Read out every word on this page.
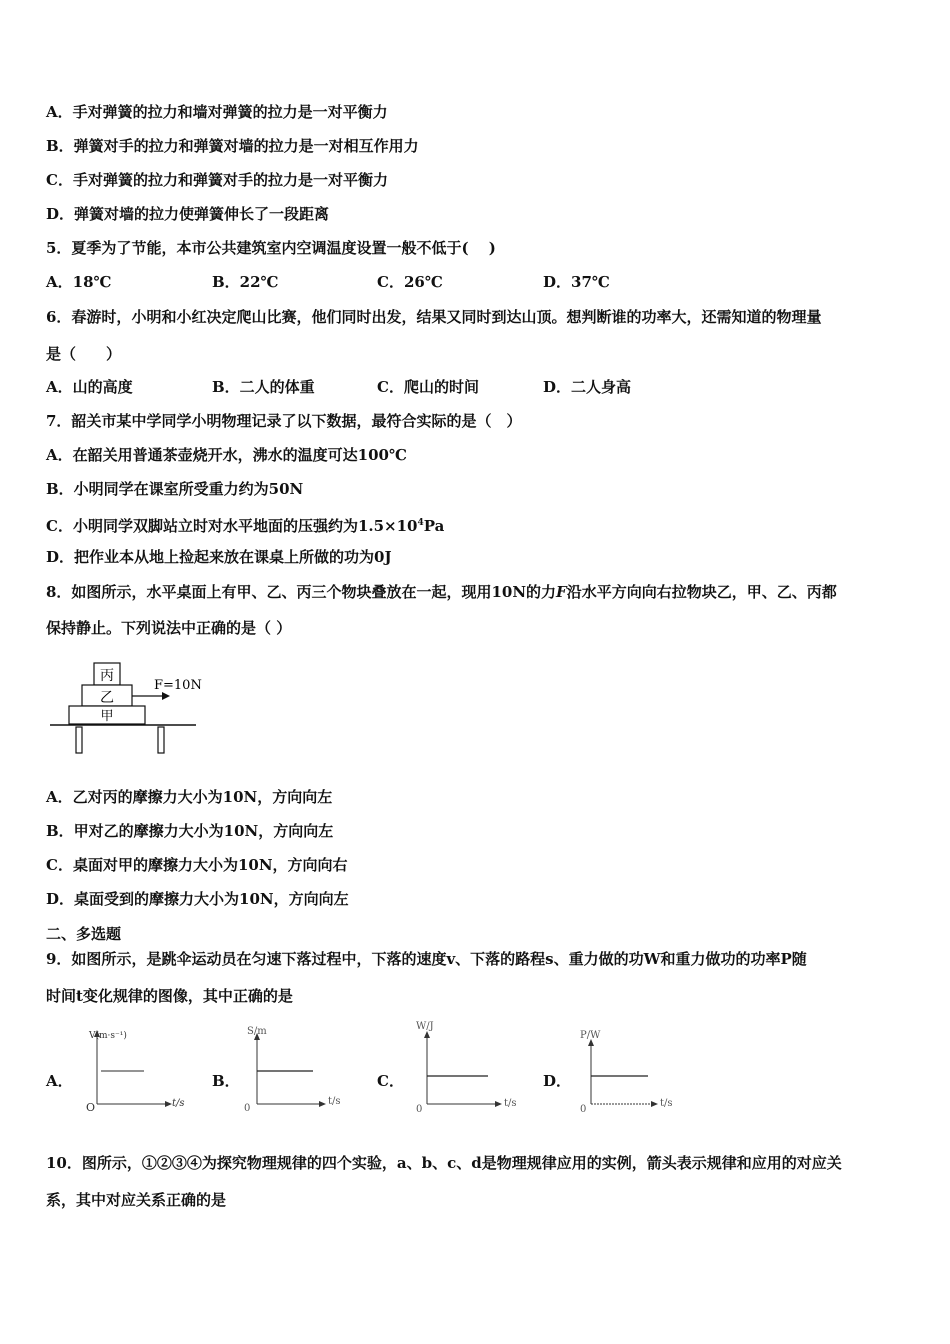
A．手对弹簧的拉力和墙对弹簧的拉力是一对平衡力
B．弹簧对手的拉力和弹簧对墙的拉力是一对相互作用力
C．手对弹簧的拉力和弹簧对手的拉力是一对平衡力
D．弹簧对墙的拉力使弹簧伸长了一段距离
5．夏季为了节能，本市公共建筑室内空调温度设置一般不低于(　 )
A．18℃	B．22℃	C．26℃	D．37℃
6．春游时，小明和小红决定爬山比赛，他们同时出发，结果又同时到达山顶。想判断谁的功率大，还需知道的物理量
是（　　）
A．山的高度	B．二人的体重	C．爬山的时间	D．二人身高
7．韶关市某中学同学小明物理记录了以下数据，最符合实际的是（　）
A．在韶关用普通茶壶烧开水，沸水的温度可达100℃
B．小明同学在课室所受重力约为50N
C．小明同学双脚站立时对水平地面的压强约为$1.5\times 10^4Pa$
D．把作业本从地上捡起来放在课桌上所做的功为0J
8．如图所示，水平桌面上有甲、乙、丙三个物块叠放在一起，现用10N的力F沿水平方向向右拉物块乙，甲、乙、丙都
保持静止。下列说法中正确的是（ ）
丙
乙
甲
F=10N
A．乙对丙的摩擦力大小为10N，方向向左
B．甲对乙的摩擦力大小为10N，方向向左
C．桌面对甲的摩擦力大小为10N，方向向右
D．桌面受到的摩擦力大小为10N，方向向左
二、多选题
9．如图所示，是跳伞运动员在匀速下落过程中，下落的速度v、下落的路程s、重力做的功W和重力做功的功率P随
时间t变化规律的图像，其中正确的是
A．	B．	C．	D．
V(m·s⁻¹)
t/s
O
S/m
t/s
0
W/J
t/s
0
P/W
t/s
0
10．图所示，①②③④为探究物理规律的四个实验，a、b、c、d是物理规律应用的实例，箭头表示规律和应用的对应关
系，其中对应关系正确的是
